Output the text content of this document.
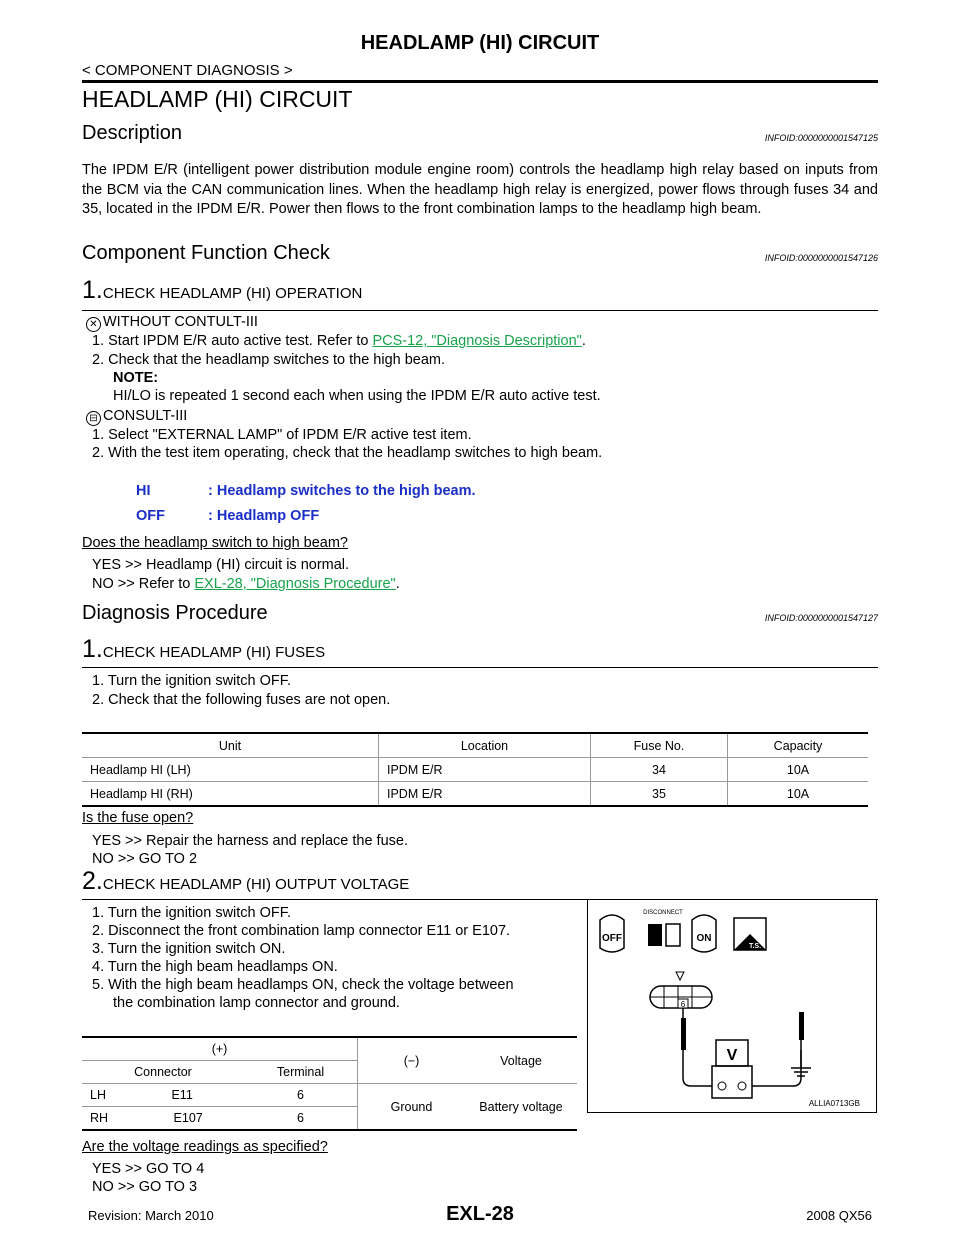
HEADLAMP (HI) CIRCUIT
< COMPONENT DIAGNOSIS >
HEADLAMP (HI) CIRCUIT
Description	INFOID:0000000001547125
The IPDM E/R (intelligent power distribution module engine room) controls the headlamp high relay based on inputs from the BCM via the CAN communication lines. When the headlamp high relay is energized, power flows through fuses 34 and 35, located in the IPDM E/R. Power then flows to the front combination lamps to the headlamp high beam.
Component Function Check	INFOID:0000000001547126
1.CHECK HEADLAMP (HI) OPERATION
✕ WITHOUT CONTULT-III
1. Start IPDM E/R auto active test. Refer to PCS-12, "Diagnosis Description".
2. Check that the headlamp switches to the high beam.
NOTE:
HI/LO is repeated 1 second each when using the IPDM E/R auto active test.
⊟ CONSULT-III
1. Select "EXTERNAL LAMP" of IPDM E/R active test item.
2. With the test item operating, check that the headlamp switches to high beam.
HI	: Headlamp switches to the high beam.
OFF	: Headlamp OFF
Does the headlamp switch to high beam?
YES >> Headlamp (HI) circuit is normal.
NO >> Refer to EXL-28, "Diagnosis Procedure".
Diagnosis Procedure	INFOID:0000000001547127
1.CHECK HEADLAMP (HI) FUSES
1. Turn the ignition switch OFF.
2. Check that the following fuses are not open.
Unit	Location	Fuse No.	Capacity
Headlamp HI (LH)	IPDM E/R	34	10A
Headlamp HI (RH)	IPDM E/R	35	10A
Is the fuse open?
YES >> Repair the harness and replace the fuse.
NO >> GO TO 2
2.CHECK HEADLAMP (HI) OUTPUT VOLTAGE
1. Turn the ignition switch OFF.
2. Disconnect the front combination lamp connector E11 or E107.
3. Turn the ignition switch ON.
4. Turn the high beam headlamps ON.
5. With the high beam headlamps ON, check the voltage between
the combination lamp connector and ground.
(+)		(−)	Voltage
Connector	Terminal		
LH E11	6	Ground	Battery voltage
RH E107	6		
Are the voltage readings as specified?
YES >> GO TO 4
NO >> GO TO 3
OFF
DISCONNECT
ON
T.S.
6
V
ALLIA0713GB
Revision: March 2010	EXL-28	2008 QX56
